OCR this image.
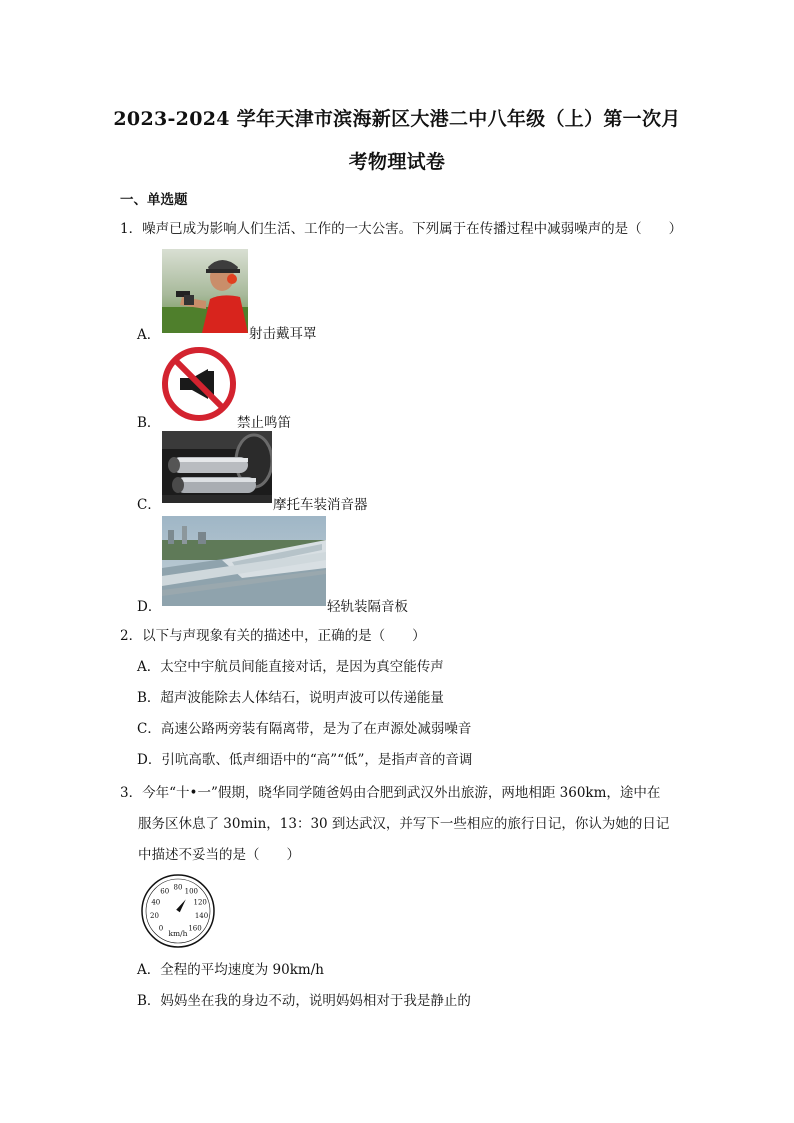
2023-2024 学年天津市滨海新区大港二中八年级（上）第一次月
考物理试卷
一、单选题
1．噪声已成为影响人们生活、工作的一大公害。下列属于在传播过程中减弱噪声的是（　　）
A．	射击戴耳罩
B．	禁止鸣笛
C．	摩托车装消音器
D．	轻轨装隔音板
2．以下与声现象有关的描述中，正确的是（　　）
A．太空中宇航员间能直接对话，是因为真空能传声
B．超声波能除去人体结石，说明声波可以传递能量
C．高速公路两旁装有隔离带，是为了在声源处减弱噪音
D．引吭高歌、低声细语中的“高”“低”，是指声音的音调
3．今年“十•一”假期，晓华同学随爸妈由合肥到武汉外出旅游，两地相距 360km，途中在
服务区休息了 30min，13：30 到达武汉，并写下一些相应的旅行日记，你认为她的日记
中描述不妥当的是（　　）
0
20
40
60 80 100
120
140
160
km/h
A．全程的平均速度为 90km/h
B．妈妈坐在我的身边不动，说明妈妈相对于我是静止的
